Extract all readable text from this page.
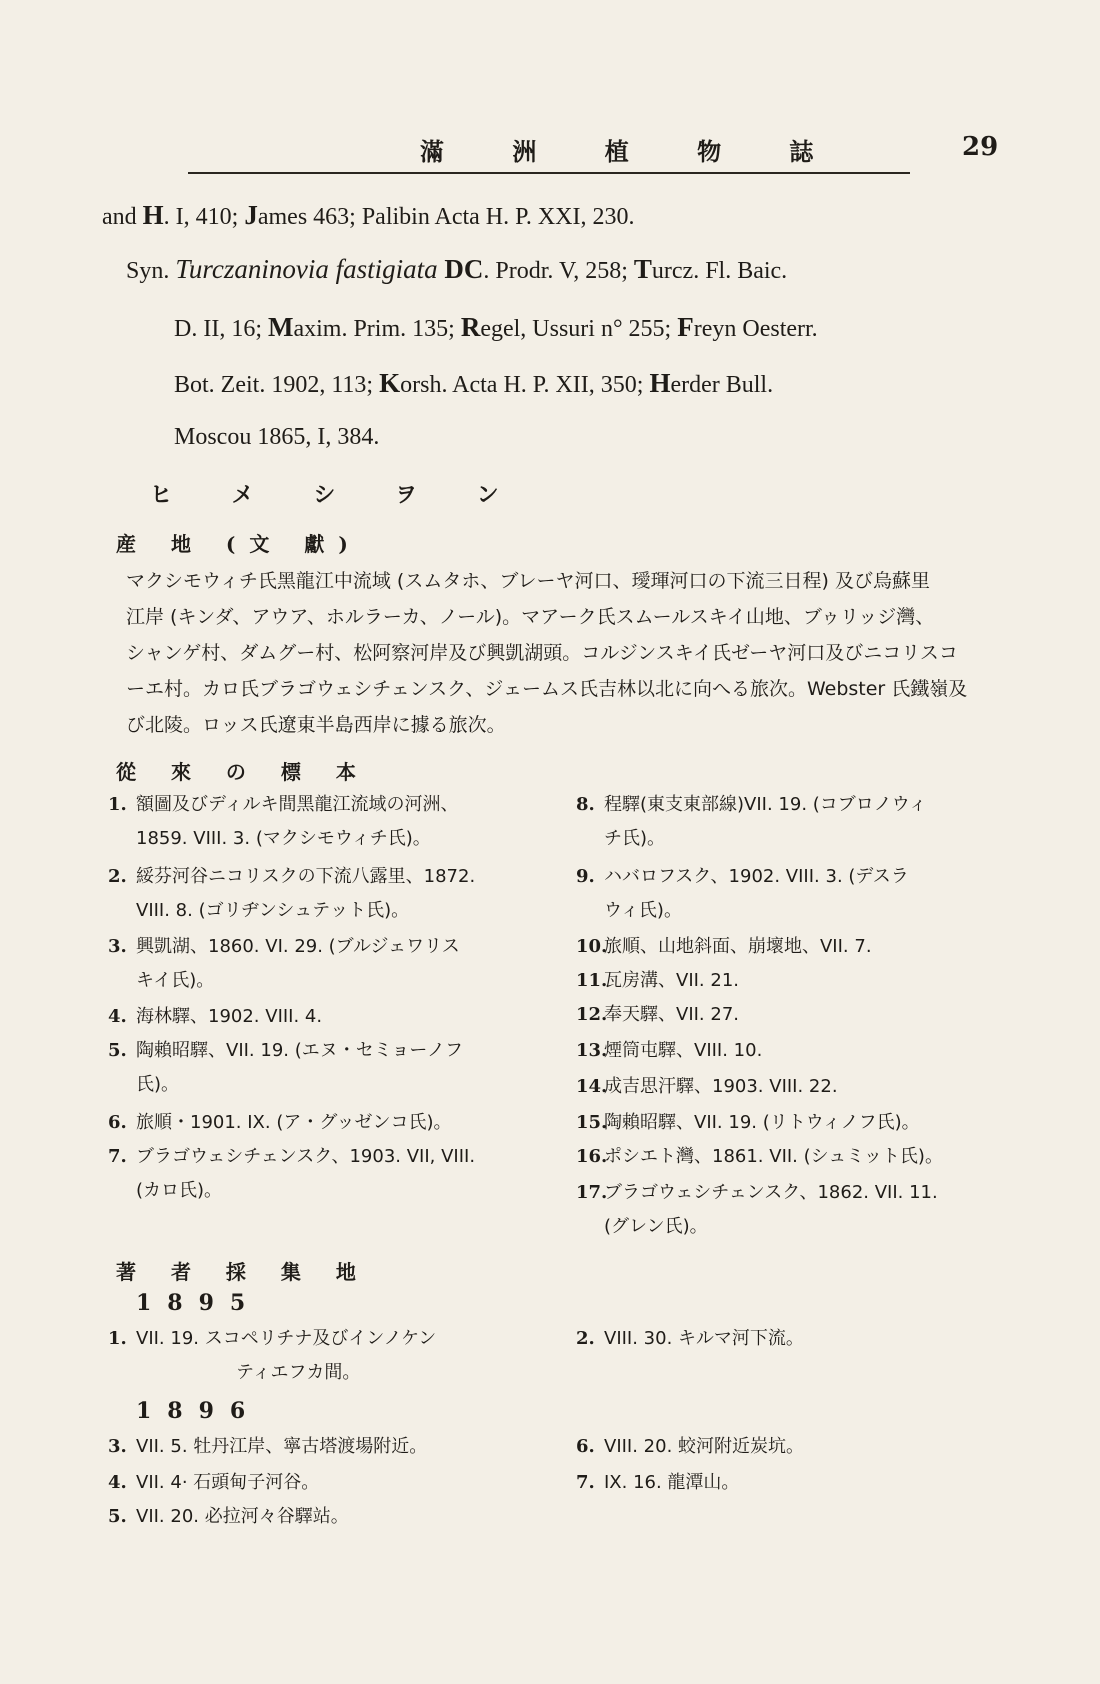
滿 洲 植 物 誌	29
and H. I, 410; James 463; Palibin Acta H. P. XXI, 230.
Syn. Turczaninovia fastigiata DC. Prodr. V, 258; Turcz. Fl. Baic.
D. II, 16; Maxim. Prim. 135; Regel, Ussuri n° 255; Freyn Oesterr.
Bot. Zeit. 1902, 113; Korsh. Acta H. P. XII, 350; Herder Bull.
Moscou 1865, I, 384.
ヒ メ シ ヲ ン
産 地 (文 獻)
マクシモウィチ氏黑龍江中流域 (スムタホ、ブレーヤ河口、璦琿河口の下流三日程) 及び烏蘇里
江岸 (キンダ、アウア、ホルラーカ、ノール)。マアーク氏スムールスキイ山地、ブゥリッジ灣、
シャンゲ村、ダムグー村、松阿察河岸及び興凱湖頭。コルジンスキイ氏ゼーヤ河口及びニコリスコ
ーエ村。カロ氏ブラゴウェシチェンスク、ジェームス氏吉林以北に向へる旅次。Webster 氏鐵嶺及
び北陵。ロッス氏遼東半島西岸に據る旅次。
從 來 の 標 本
1. 額圖及びディルキ間黑龍江流域の河洲、
1859. VIII. 3. (マクシモウィチ氏)。
2. 綏芬河谷ニコリスクの下流八露里、1872.
VIII. 8. (ゴリヂンシュテット氏)。
3. 興凱湖、1860. VI. 29. (ブルジェワリス
キイ氏)。
4. 海林驛、1902. VIII. 4.
5. 陶賴昭驛、VII. 19. (エヌ・セミョーノフ
氏)。
6. 旅順・1901. IX. (ア・グッゼンコ氏)。
7. ブラゴウェシチェンスク、1903. VII, VIII.
(カロ氏)。
8. 程驛(東支東部線)VII. 19. (コブロノウィ
チ氏)。
9. ハバロフスク、1902. VIII. 3. (デスラ
ウィ氏)。
10.旅順、山地斜面、崩壞地、VII. 7.
11.瓦房溝、VII. 21.
12.奉天驛、VII. 27.
13.煙筒屯驛、VIII. 10.
14.成吉思汗驛、1903. VIII. 22.
15.陶賴昭驛、VII. 19. (リトウィノフ氏)。
16.ポシエト灣、1861. VII. (シュミット氏)。
17.ブラゴウェシチェンスク、1862. VII. 11.
(グレン氏)。
著 者 採 集 地
1895
1. VII. 19. スコペリチナ及びインノケン
ティエフカ間。
2. VIII. 30. キルマ河下流。
1896
3. VII. 5. 牡丹江岸、寧古塔渡場附近。
4. VII. 4· 石頭甸子河谷。
5. VII. 20. 必拉河々谷驛站。
6. VIII. 20. 蛟河附近炭坑。
7. IX. 16. 龍潭山。
